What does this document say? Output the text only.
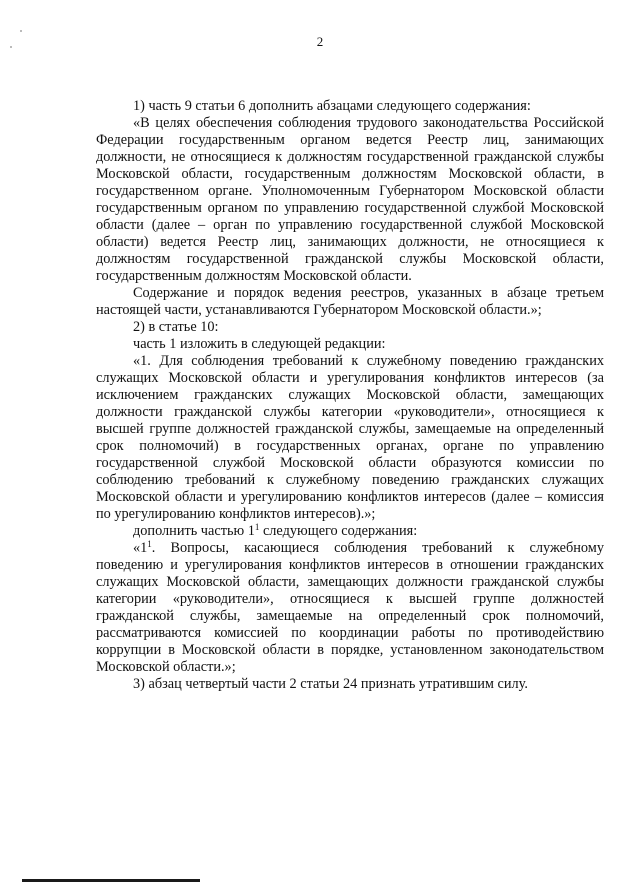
2

1) часть 9 статьи 6 дополнить абзацами следующего содержания:

«В целях обеспечения соблюдения трудового законодательства Российской Федерации государственным органом ведется Реестр лиц, занимающих должности, не относящиеся к должностям государственной гражданской службы Московской области, государственным должностям Московской области, в государственном органе. Уполномоченным Губернатором Московской области государственным органом по управлению государственной службой Московской области (далее – орган по управлению государственной службой Московской области) ведется Реестр лиц, занимающих должности, не относящиеся к должностям государственной гражданской службы Московской области, государственным должностям Московской области.

Содержание и порядок ведения реестров, указанных в абзаце третьем настоящей части, устанавливаются Губернатором Московской области.»;

2) в статье 10:

часть 1 изложить в следующей редакции:

«1. Для соблюдения требований к служебному поведению гражданских служащих Московской области и урегулирования конфликтов интересов (за исключением гражданских служащих Московской области, замещающих должности гражданской службы категории «руководители», относящиеся к высшей группе должностей гражданской службы, замещаемые на определенный срок полномочий) в государственных органах, органе по управлению государственной службой Московской области образуются комиссии по соблюдению требований к служебному поведению гражданских служащих Московской области и урегулированию конфликтов интересов (далее – комиссия по урегулированию конфликтов интересов).»;

дополнить частью $1^1$ следующего содержания:

«$1^1$. Вопросы, касающиеся соблюдения требований к служебному поведению и урегулирования конфликтов интересов в отношении гражданских служащих Московской области, замещающих должности гражданской службы категории «руководители», относящиеся к высшей группе должностей гражданской службы, замещаемые на определенный срок полномочий, рассматриваются комиссией по координации работы по противодействию коррупции в Московской области в порядке, установленном законодательством Московской области.»;

3) абзац четвертый части 2 статьи 24 признать утратившим силу.
